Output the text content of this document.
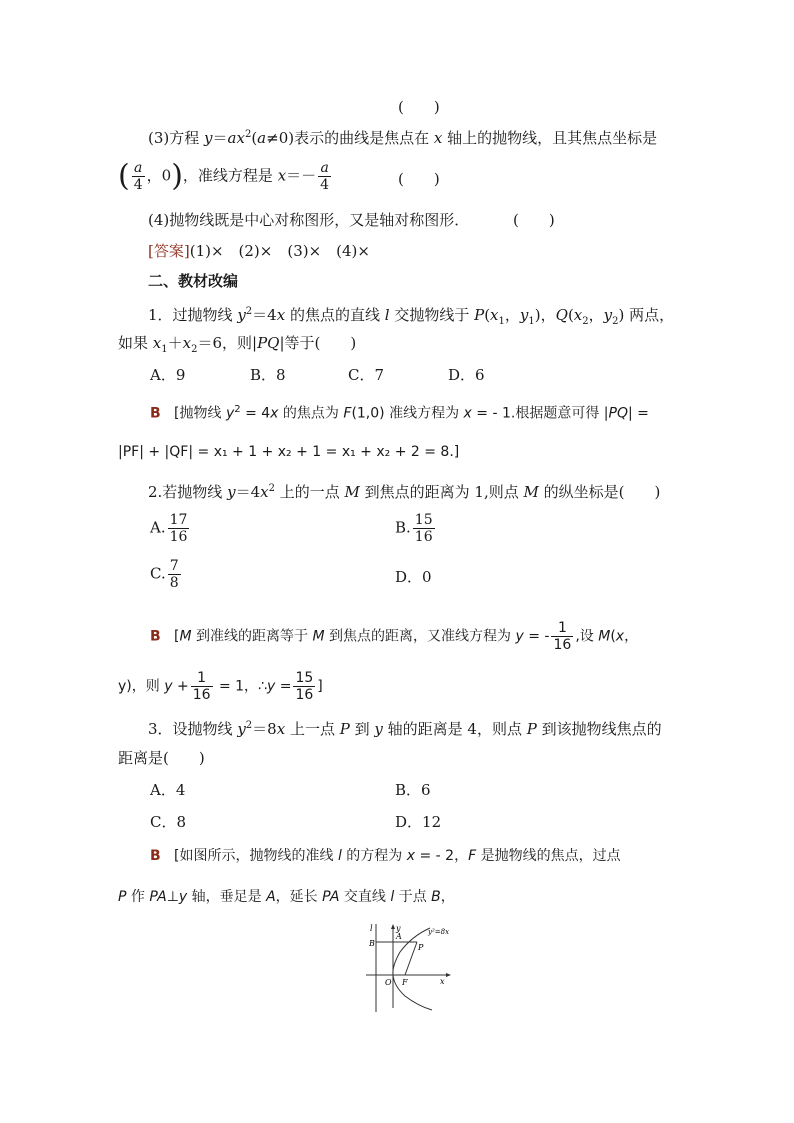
(　　)
(3)方程 $y=ax^2(a\ne 0)$表示的曲线是焦点在 x 轴上的抛物线，且其焦点坐标是
( $\frac{a}{4}$ ，0)，准线方程是 $x=- \frac{a}{4}$	(　　)
(4)抛物线既是中心对称图形，又是轴对称图形．	(　　)
[答案](1)×　(2)×　(3)×　(4)×
二、教材改编
1．过抛物线 $y^2=4x$ 的焦点的直线 l 交抛物线于 $P(x_1$，$y_1$)，$Q(x_2$，$y_2$) 两点，
如果 $x_1+x_2=6$，则|PQ|等于(　　)
A．9	B．8	C．7	D．6
B [抛物线 $y^2 = 4x$ 的焦点为 F(1,0) 准线方程为 x = - 1.根据题意可得 |PQ| =
|PF| + |QF| = x₁ + 1 + x₂ + 1 = x₁ + x₂ + 2 = 8.]
2.若抛物线 $y=4x^2$ 上的一点 M 到焦点的距离为 1,则点 M 的纵坐标是(　　)
A. $\frac{17}{16}$	B. $\frac{15}{16}$
C. $\frac{7}{8}$	D．0
B [M 到准线的距离等于 M 到焦点的距离，又准线方程为 y = - $\frac{1}{16}$ ,设 M(x，
y)，则 $y + \frac{1}{16} = 1$，∴y = $\frac{15}{16}$ ]
3．设抛物线 $y^2=8x$ 上一点 P 到 y 轴的距离是 4，则点 P 到该抛物线焦点的
距离是(　　)
A．4	B．6
C．8	D．12
B [如图所示，抛物线的准线 l 的方程为 x = - 2，F 是抛物线的焦点，过点
P 作 PA⊥y 轴，垂足是 A，延长 PA 交直线 l 于点 B，
l	y
B
A
P
y²=8x
O F	x
